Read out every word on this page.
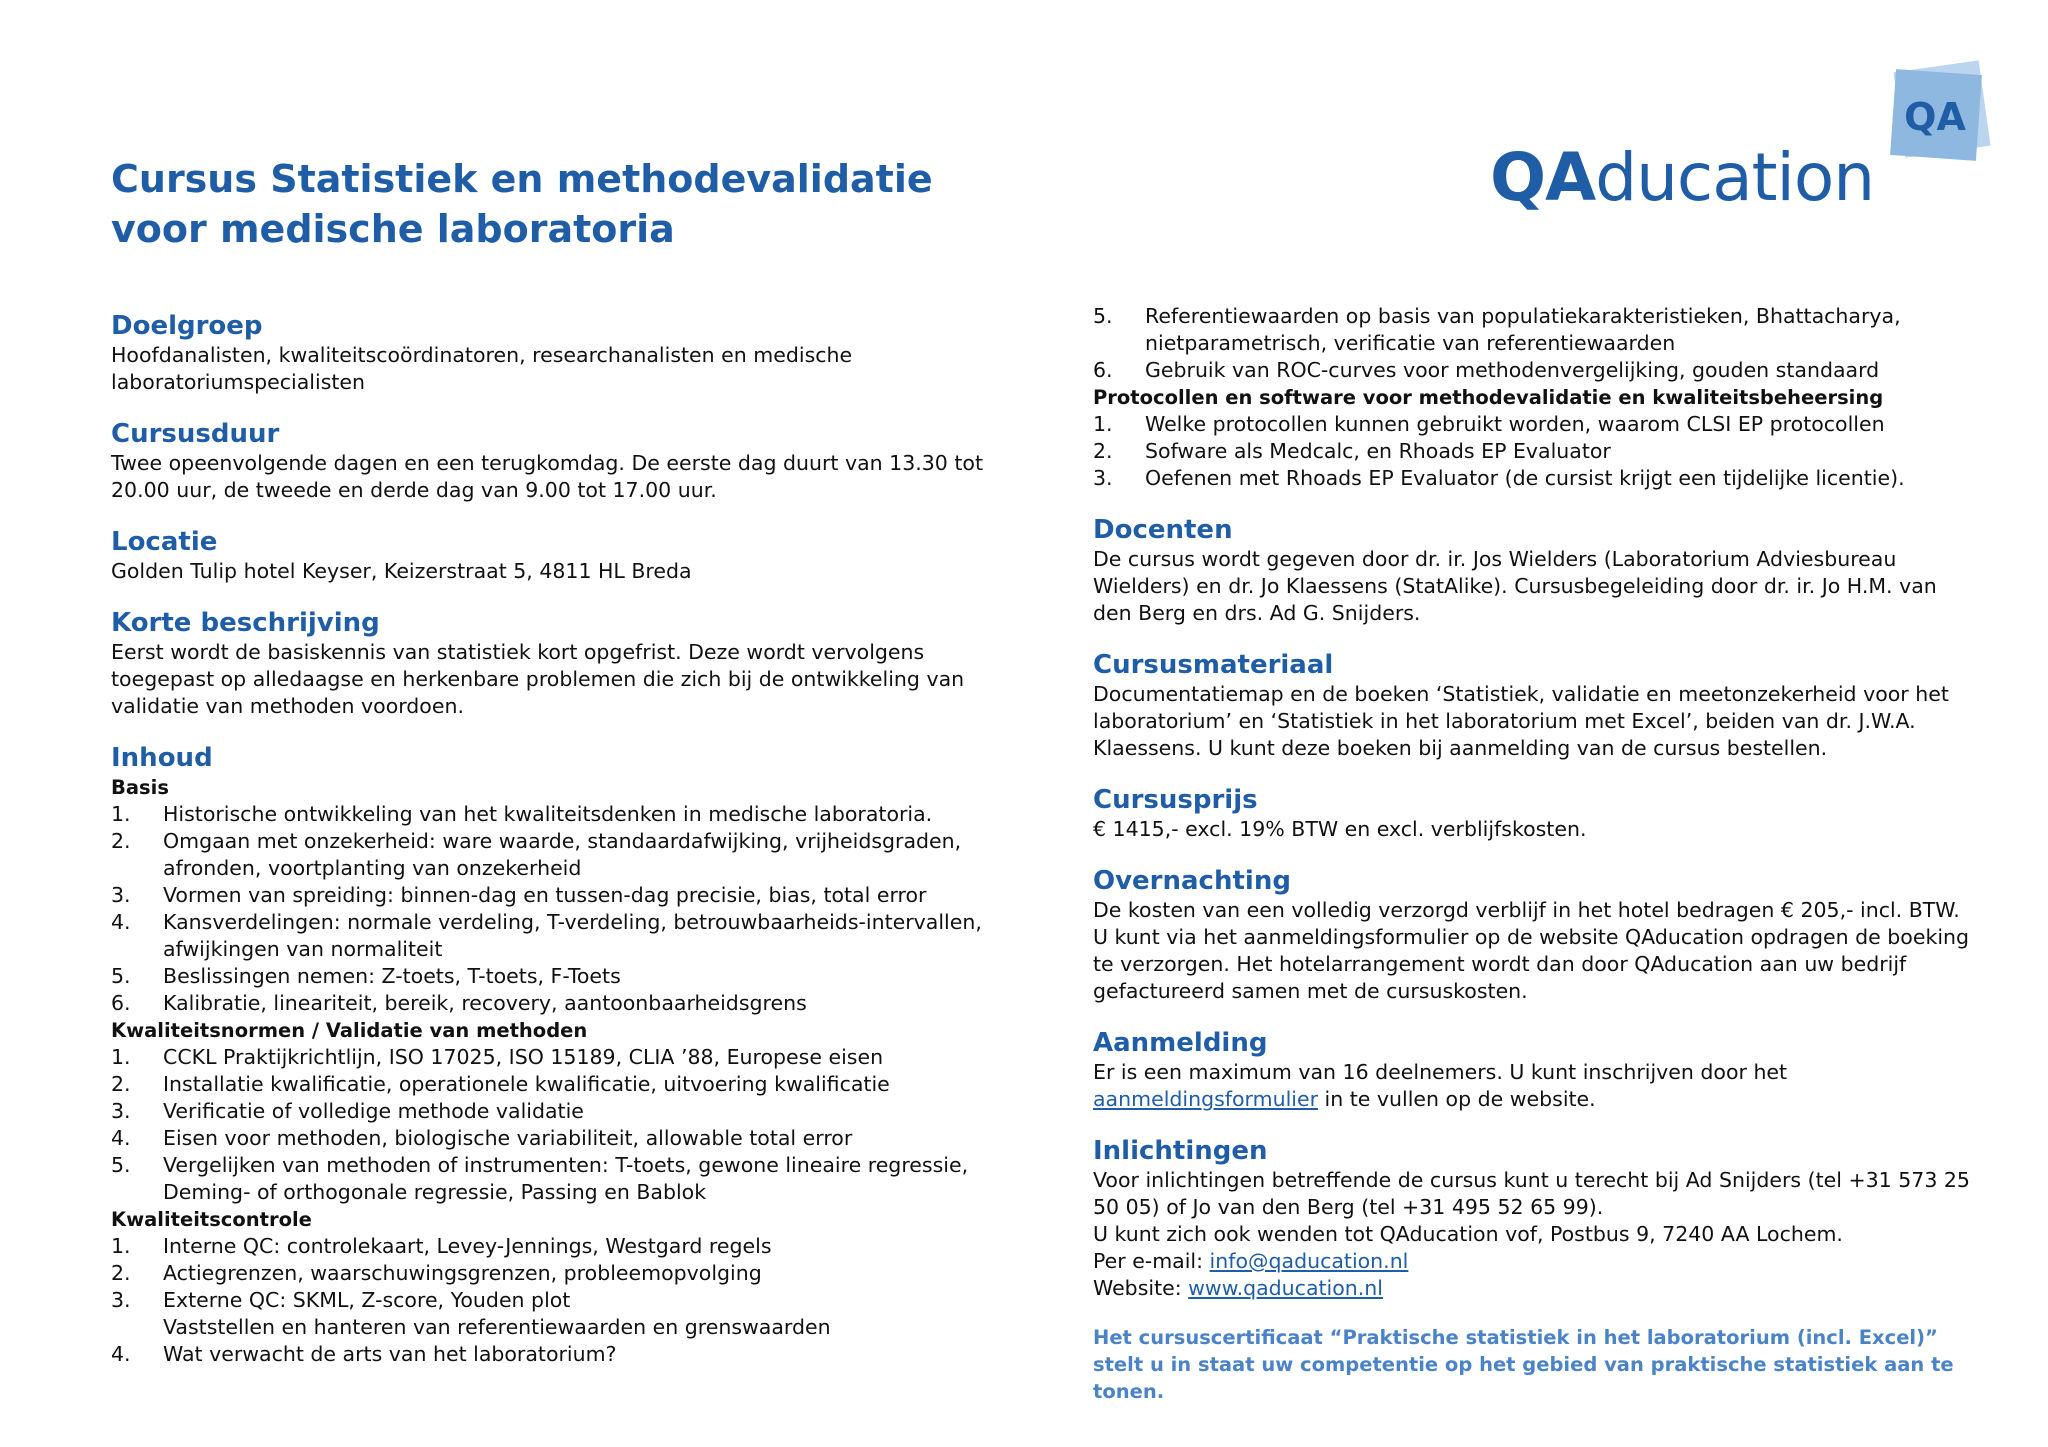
Cursus Statistiek en methodevalidatie voor medische laboratoria
QAducation
QA
Doelgroep

Hoofdanalisten, kwaliteitscoördinatoren, researchanalisten en medische laboratoriumspecialisten

Cursusduur

Twee opeenvolgende dagen en een terugkomdag. De eerste dag duurt van 13.30 tot 20.00 uur, de tweede en derde dag van 9.00 tot 17.00 uur.

Locatie

Golden Tulip hotel Keyser, Keizerstraat 5, 4811 HL Breda

Korte beschrijving

Eerst wordt de basiskennis van statistiek kort opgefrist. Deze wordt vervolgens toegepast op alledaagse en herkenbare problemen die zich bij de ontwikkeling van validatie van methoden voordoen.

Inhoud

Basis

1. Historische ontwikkeling van het kwaliteitsdenken in medische laboratoria.
2. Omgaan met onzekerheid: ware waarde, standaardafwijking, vrijheidsgraden, afronden, voortplanting van onzekerheid
3. Vormen van spreiding: binnen-dag en tussen-dag precisie, bias, total error
4. Kansverdelingen: normale verdeling, T-verdeling, betrouwbaarheids-intervallen, afwijkingen van normaliteit
5. Beslissingen nemen: Z-toets, T-toets, F-Toets
6. Kalibratie, lineariteit, bereik, recovery, aantoonbaarheidsgrens

Kwaliteitsnormen / Validatie van methoden

1. CCKL Praktijkrichtlijn, ISO 17025, ISO 15189, CLIA ’88, Europese eisen
2. Installatie kwalificatie, operationele kwalificatie, uitvoering kwalificatie
3. Verificatie of volledige methode validatie
4. Eisen voor methoden, biologische variabiliteit, allowable total error
5. Vergelijken van methoden of instrumenten: T-toets, gewone lineaire regressie, Deming- of orthogonale regressie, Passing en Bablok

Kwaliteitscontrole

1. Interne QC: controlekaart, Levey-Jennings, Westgard regels
2. Actiegrenzen, waarschuwingsgrenzen, probleemopvolging
3. Externe QC: SKML, Z-score, Youden plot
Vaststellen en hanteren van referentiewaarden en grenswaarden
4. Wat verwacht de arts van het laboratorium?
5. Referentiewaarden op basis van populatiekarakteristieken, Bhattacharya, nietparametrisch, verificatie van referentiewaarden
6. Gebruik van ROC-curves voor methodenvergelijking, gouden standaard

Protocollen en software voor methodevalidatie en kwaliteitsbeheersing

1. Welke protocollen kunnen gebruikt worden, waarom CLSI EP protocollen
2. Sofware als Medcalc, en Rhoads EP Evaluator
3. Oefenen met Rhoads EP Evaluator (de cursist krijgt een tijdelijke licentie).
Docenten

De cursus wordt gegeven door dr. ir. Jos Wielders (Laboratorium Adviesbureau Wielders) en dr. Jo Klaessens (StatAlike). Cursusbegeleiding door dr. ir. Jo H.M. van den Berg en drs. Ad G. Snijders.

Cursusmateriaal

Documentatiemap en de boeken ‘Statistiek, validatie en meetonzekerheid voor het laboratorium’ en ‘Statistiek in het laboratorium met Excel’, beiden van dr. J.W.A. Klaessens. U kunt deze boeken bij aanmelding van de cursus bestellen.

Cursusprijs

€ 1415,- excl. 19% BTW en excl. verblijfskosten.

Overnachting

De kosten van een volledig verzorgd verblijf in het hotel bedragen € 205,- incl. BTW. U kunt via het aanmeldingsformulier op de website QAducation opdragen de boeking te verzorgen. Het hotelarrangement wordt dan door QAducation aan uw bedrijf gefactureerd samen met de cursuskosten.

Aanmelding

Er is een maximum van 16 deelnemers. U kunt inschrijven door het aanmeldingsformulier in te vullen op de website.

Inlichtingen

Voor inlichtingen betreffende de cursus kunt u terecht bij Ad Snijders (tel +31 573 25 50 05) of Jo van den Berg (tel +31 495 52 65 99).

U kunt zich ook wenden tot QAducation vof, Postbus 9, 7240 AA Lochem.

Per e-mail: info@qaducation.nl

Website: www.qaducation.nl

Het cursuscertificaat “Praktische statistiek in het laboratorium (incl. Excel)” stelt u in staat uw competentie op het gebied van praktische statistiek aan te tonen.
